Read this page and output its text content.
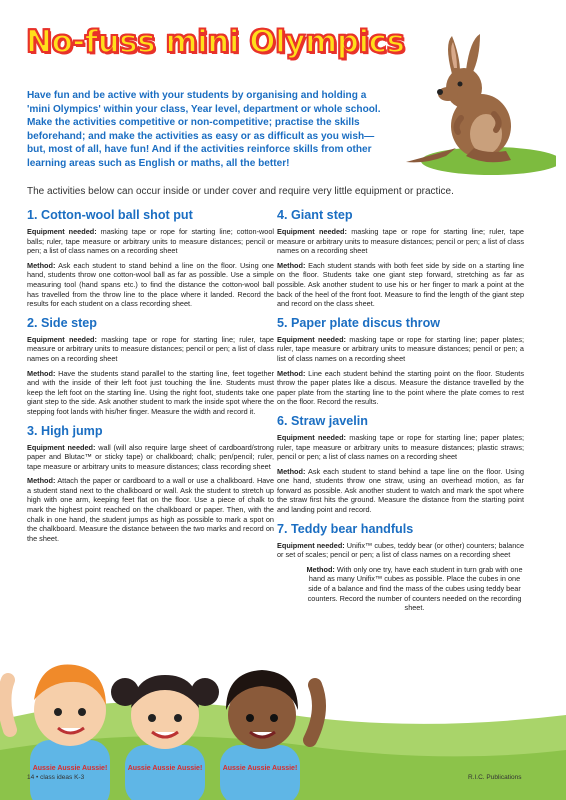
No-fuss mini Olympics

Have fun and be active with your students by organising and holding a 'mini Olympics' within your class, Year level, department or whole school. Make the activities competitive or non-competitive; practise the skills beforehand; and make the activities as easy or as difficult as you wish—but, most of all, have fun! And if the activities reinforce skills from other learning areas such as English or maths, all the better!

The activities below can occur inside or under cover and require very little equipment or practice.

1. Cotton-wool ball shot put

Equipment needed: masking tape or rope for starting line; cotton-wool balls; ruler, tape measure or arbitrary units to measure distances; pencil or pen; a list of class names on a recording sheet

Method: Ask each student to stand behind a line on the floor. Using one hand, students throw one cotton-wool ball as far as possible. Use a simple measuring tool (hand spans etc.) to find the distance the cotton-wool ball has travelled from the throw line to the place where it landed. Record the results for each student on a class recording sheet.

2. Side step

Equipment needed: masking tape or rope for starting line; ruler, tape measure or arbitrary units to measure distances; pencil or pen; a list of class names on a recording sheet

Method: Have the students stand parallel to the starting line, feet together and with the inside of their left foot just touching the line. Students must keep the left foot on the starting line. Using the right foot, students take one giant step to the side. Ask another student to mark the inside spot where the stepping foot lands with his/her finger. Measure the width and record it.

3. High jump

Equipment needed: wall (will also require large sheet of cardboard/strong paper and Blutac™ or sticky tape) or chalkboard; chalk; pen/pencil; ruler, tape measure or arbitrary units to measure distances; class recording sheet

Method: Attach the paper or cardboard to a wall or use a chalkboard. Have a student stand next to the chalkboard or wall. Ask the student to stretch up high with one arm, keeping feet flat on the floor. Use a piece of chalk to mark the highest point reached on the chalkboard or paper. Then, with the chalk in one hand, the student jumps as high as possible to mark a spot on the chalkboard. Measure the distance between the two marks and record on the sheet.

4. Giant step

Equipment needed: masking tape or rope for starting line; ruler, tape measure or arbitrary units to measure distances; pencil or pen; a list of class names on a recording sheet

Method: Each student stands with both feet side by side on a starting line on the floor. Students take one giant step forward, stretching as far as possible. Ask another student to use his or her finger to mark a point at the back of the heel of the front foot. Measure to find the length of the giant step and record on the class sheet.

5. Paper plate discus throw

Equipment needed: masking tape or rope for starting line; paper plates; ruler, tape measure or arbitrary units to measure distances; pencil or pen; a list of class names on a recording sheet

Method: Line each student behind the starting point on the floor. Students throw the paper plates like a discus. Measure the distance travelled by the paper plate from the starting line to the point where the plate comes to rest on the floor. Record the results.

6. Straw javelin

Equipment needed: masking tape or rope for starting line; paper plates; ruler, tape measure or arbitrary units to measure distances; plastic straws; pencil or pen; a list of class names on a recording sheet

Method: Ask each student to stand behind a tape line on the floor. Using one hand, students throw one straw, using an overhead motion, as far forward as possible. Ask another student to watch and mark the spot where the straw first hits the ground. Measure the distance from the starting point and landing point and record.

7. Teddy bear handfuls

Equipment needed: Unifix™ cubes, teddy bear (or other) counters; balance or set of scales; pencil or pen; a list of class names on a recording sheet

Method: With only one try, have each student in turn grab with one hand as many Unifix™ cubes as possible. Place the cubes in one side of a balance and find the mass of the cubes using teddy bear counters. Record the number of counters needed on the recording sheet.

Aussie Aussie Aussie!	Aussie Aussie Aussie!	Aussie Aussie Aussie!
14 • class ideas K-3	R.I.C. Publications
